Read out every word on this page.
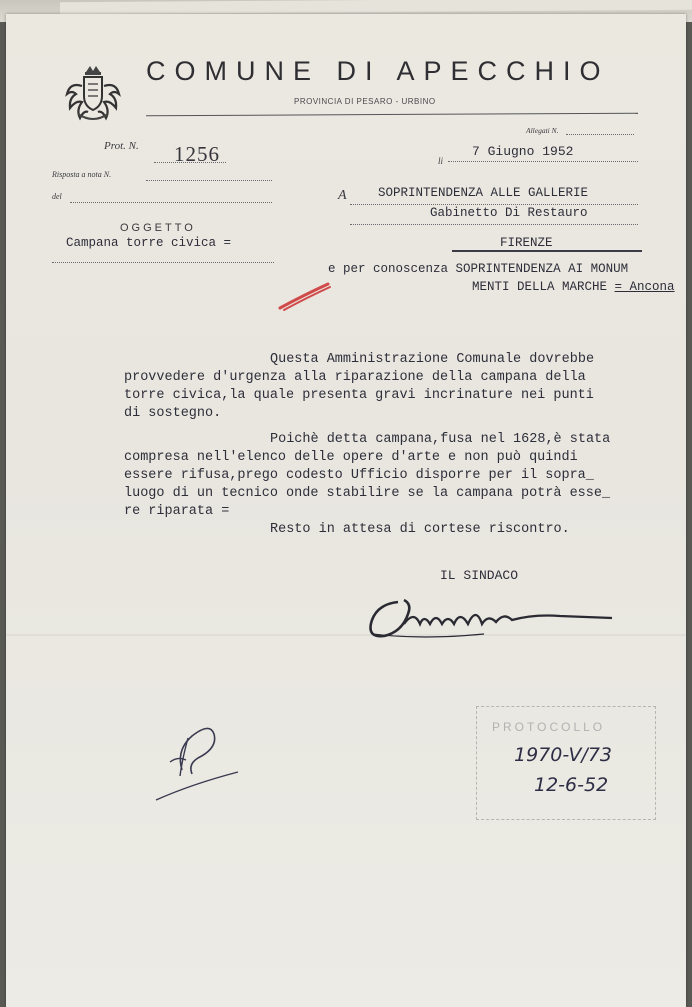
COMUNE DI APECCHIO
PROVINCIA DI PESARO - URBINO
Prot. N. 1256
Risposta a nota N.
del
OGGETTO
Campana torre civica =
Allegati N.
li
7 Giugno 1952
A	SOPRINTENDENZA ALLE GALLERIE
Gabinetto Di Restauro
FIRENZE
e per conoscenza SOPRINTENDENZA AI MONUM
MENTI DELLA MARCHE = Ancona
Questa Amministrazione Comunale dovrebbe
provvedere d'urgenza alla riparazione della campana della
torre civica,la quale presenta gravi incrinature nei punti
di sostegno.
Poichè detta campana,fusa nel 1628,è stata
compresa nell'elenco delle opere d'arte e non può quindi
essere rifusa,prego codesto Ufficio disporre per il sopra_
luogo di un tecnico onde stabilire se la campana potrà esse_
re riparata =
Resto in attesa di cortese riscontro.
IL SINDACO
PROTOCOLLO
1970-V/73
12-6-52
